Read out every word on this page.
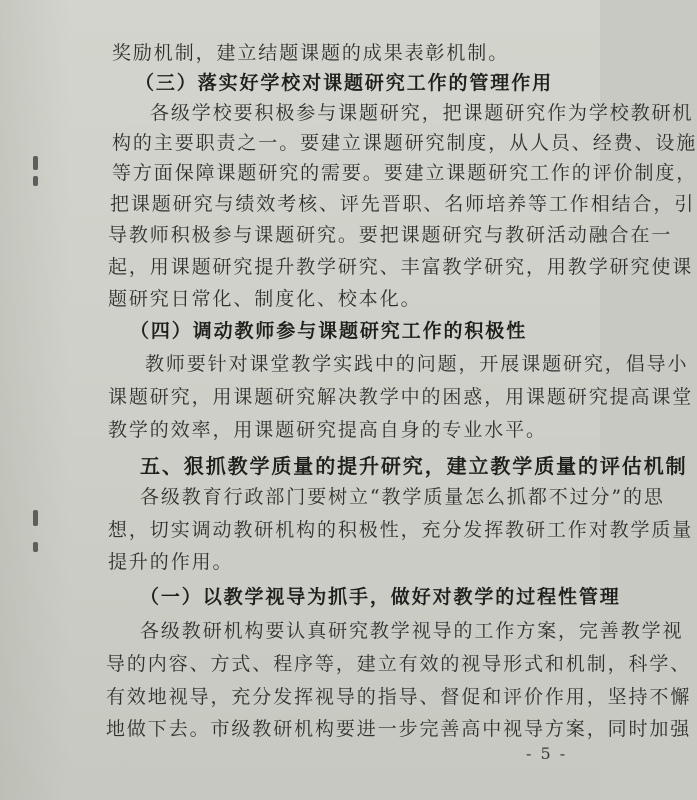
奖励机制，建立结题课题的成果表彰机制。
（三）落实好学校对课题研究工作的管理作用
各级学校要积极参与课题研究，把课题研究作为学校教研机
构的主要职责之一。要建立课题研究制度，从人员、经费、设施
等方面保障课题研究的需要。要建立课题研究工作的评价制度，
把课题研究与绩效考核、评先晋职、名师培养等工作相结合，引
导教师积极参与课题研究。要把课题研究与教研活动融合在一
起，用课题研究提升教学研究、丰富教学研究，用教学研究使课
题研究日常化、制度化、校本化。
（四）调动教师参与课题研究工作的积极性
教师要针对课堂教学实践中的问题，开展课题研究，倡导小
课题研究，用课题研究解决教学中的困惑，用课题研究提高课堂
教学的效率，用课题研究提高自身的专业水平。
五、狠抓教学质量的提升研究，建立教学质量的评估机制
各级教育行政部门要树立“教学质量怎么抓都不过分”的思
想，切实调动教研机构的积极性，充分发挥教研工作对教学质量
提升的作用。
（一）以教学视导为抓手，做好对教学的过程性管理
各级教研机构要认真研究教学视导的工作方案，完善教学视
导的内容、方式、程序等，建立有效的视导形式和机制，科学、
有效地视导，充分发挥视导的指导、督促和评价作用，坚持不懈
地做下去。市级教研机构要进一步完善高中视导方案，同时加强
- 5 -
